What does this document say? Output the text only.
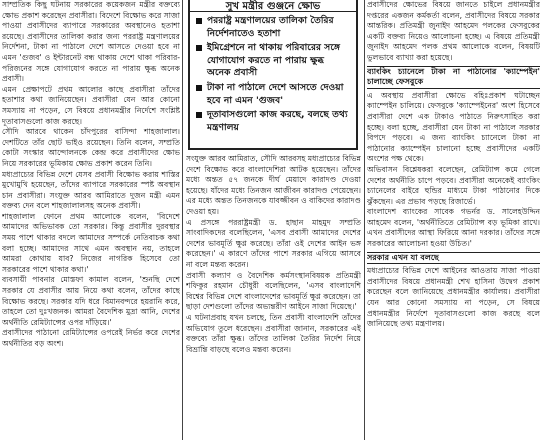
সাম্প্রতিক কিছু ঘটনায় সরকারের কয়েকজন মন্ত্রীর বক্তব্যে ক্ষোভ প্রকাশ করেছেন প্রবাসীরা। বিদেশে বিক্ষোভ করে সাজা পাওয়া প্রবাসীদের ব্যাপারে সরকারের অবস্থানেও হতাশা রয়েছে। প্রবাসীদের তালিকা করার জন্য পররাষ্ট্র মন্ত্রণালয়ের নির্দেশনা, টাকা না পাঠালে দেশে আসতে দেওয়া হবে না এমন 'গুজব' ও ইন্টারনেট বন্ধ থাকায় দেশে থাকা পরিবার-পরিজনের সঙ্গে যোগাযোগ করতে না পারায় ক্ষুব্ধ অনেক প্রবাসী।

এমন প্রেক্ষাপটে প্রথম আলোর কাছে প্রবাসীরা তাঁদের হতাশার কথা জানিয়েছেন। প্রবাসীরা যেন আর কোনো সমস্যায় না পড়েন, সে বিষয়ে প্রধানমন্ত্রীর নির্দেশে সংশ্লিষ্ট দূতাবাসগুলো কাজ করছে।

সৌদি আরবে থাকেন চাঁদপুরের বাসিন্দা শাহজালাল। দেশটিতে তাঁর ছোট ভাইও রয়েছেন। তিনি বলেন, সম্প্রতি কোটা সংস্কার আন্দোলনকে কেন্দ্র করে প্রবাসীদের ক্ষোভ নিয়ে সরকারের ভূমিকায় ক্ষোভ প্রকাশ করেন তিনি।

মধ্যপ্রাচ্যের বিভিন্ন দেশে যেসব প্রবাসী বিক্ষোভ করায় শাস্তির মুখোমুখি হয়েছেন, তাঁদের ব্যাপারে সরকারের স্পষ্ট অবস্থান চান প্রবাসীরা। সংযুক্ত আরব আমিরাতে দুজন মন্ত্রী এমন বক্তব্য দেন বলে শাহজালালসহ অনেক প্রবাসী।

শাহজালাল ফোনে প্রথম আলোকে বলেন, 'বিদেশে আমাদের অভিভাবক তো সরকার। কিন্তু প্রবাসীর দুরবস্থার সময় পাশে থাকার বদলে আমাদের সম্পর্কে নেতিবাচক কথা বলা হচ্ছে। আমাদের সাথে এমন অবস্থান নয়, তাহলে আমরা কোথায় যাব? নিজের নাগরিক হিসেবে তো সরকারের পাশে থাকার কথা।'

ব্যবসায়ী পাবনার মোস্তফা কামাল বলেন, 'শুনছি দেশে সরকার যে প্রবাসীর আয় নিয়ে কথা বলেন, তাঁদের কাছে বিক্ষোভ করছে। সরকার যদি ধরে বিমানবন্দরে হয়রানি করে, তাহলে তো দুঃখজনক। আমরা বৈদেশিক মুদ্রা আনি, দেশের অর্থনীতি রেমিট্যান্সের ওপর দাঁড়িয়ে।'

প্রবাসীদের পাঠানো রেমিট্যান্সের ওপরেই নির্ভর করে দেশের অর্থনীতির বড় অংশ।

সুখ মন্ত্রীর গুঞ্জনে ক্ষোভ
পররাষ্ট্র মন্ত্রণালয়ের তালিকা তৈরির নির্দেশনাতেও হতাশা
ইমিগ্রেশনে না থাকায় পরিবারের সঙ্গে যোগাযোগ করতে না পারায় ক্ষুব্ধ অনেক প্রবাসী
টাকা না পাঠালে দেশে আসতে দেওয়া হবে না এমন 'গুজব'
দূতাবাসগুলো কাজ করছে, বলছে তথ্য মন্ত্রণালয়

সংযুক্ত আরব আমিরাত, সৌদি আরবসহ মধ্যপ্রাচ্যের বিভিন্ন দেশে বিক্ষোভ করে বাংলাদেশিরা আটক হয়েছেন। তাঁদের মধ্যে অন্তত ৫৭ জনকে দীর্ঘ মেয়াদে কারাদণ্ড দেওয়া হয়েছে। যাঁদের মধ্যে তিনজন আজীবন কারাদণ্ড পেয়েছেন। এর মধ্যে অন্তত তিনজনকে যাবজ্জীবন ও বাকিদের কারাদণ্ড দেওয়া হয়।

এ প্রসঙ্গে পররাষ্ট্রমন্ত্রী ড. হাছান মাহমুদ সম্প্রতি সাংবাদিকদের বলেছিলেন, 'এসব প্রবাসী আমাদের দেশের দেশের ভাবমূর্তি ক্ষুণ্ণ করেছে। তাঁরা ওই দেশের আইন ভঙ্গ করেছেন।' এ কারণে তাঁদের পাশে সরকার এগিয়ে আসবে না বলে মন্তব্য করেন।

প্রবাসী কল্যাণ ও বৈদেশিক কর্মসংস্থানবিষয়ক প্রতিমন্ত্রী শফিকুর রহমান চৌধুরী বলেছিলেন, 'এসব বাংলাদেশি বিশ্বের বিভিন্ন দেশে বাংলাদেশের ভাবমূর্তি ক্ষুণ্ণ করেছেন। তা ছাড়া দেশগুলো তাঁদের অভ্যন্তরীণ আইনে সাজা দিয়েছে।'

এ ঘটনাপ্রবাহ যখন চলছে, তিন প্রবাসী বাংলাদেশি তাঁদের অভিযোগ তুলে ধরেছেন। প্রবাসীরা জানান, সরকারের এই বক্তব্যে তাঁরা ক্ষুব্ধ। তাঁদের তালিকা তৈরির নির্দেশ নিয়ে বিভ্রান্তি বাড়ছে বলেও মন্তব্য করেন।

প্রবাসীদের ক্ষোভের বিষয়ে জানতে চাইলে প্রধানমন্ত্রীর দপ্তরের একজন কর্মকর্তা বলেন, প্রবাসীদের বিষয়ে সরকার আন্তরিক। প্রতিমন্ত্রী জুনাইদ আহমেদ পলকের ফেসবুকের একটি বক্তব্য নিয়েও আলোচনা হচ্ছে। এ বিষয়ে প্রতিমন্ত্রী জুনাইদ আহমেদ পলক প্রথম আলোকে বলেন, বিষয়টি ভুলভাবে ব্যাখ্যা করা হয়েছে।

ব্যাংকিং চ্যানেলে টাকা না পাঠানোর 'ক্যাম্পেইন' চালাচ্ছে ফেসবুকে

এ অবস্থায় প্রবাসীরা ক্ষোভে বহিঃপ্রকাশ ঘটাচ্ছেন ক্যাম্পেইন চালিয়ে। ফেসবুকে 'ক্যাম্পেইনের' অংশ হিসেবে প্রবাসীরা দেশে এক টাকাও পাঠাতে নিরুৎসাহিত করা হচ্ছে। বলা হচ্ছে, প্রবাসীরা যেন টাকা না পাঠালে সরকার বিপদে পড়বে। এ জন্য ব্যাংকিং চ্যানেলে টাকা না পাঠানোর ক্যাম্পেইন চালানো হচ্ছে প্রবাসীদের একটি অংশের পক্ষ থেকে।

অভিবাসন বিশ্লেষকরা বলেছেন, রেমিট্যান্স কমে গেলে দেশের অর্থনীতি চাপে পড়বে। প্রবাসীরা অনেকেই ব্যাংকিং চ্যানেলের বাইরে হুন্ডির মাধ্যমে টাকা পাঠানোর দিকে ঝুঁকছেন। এর প্রভাব পড়ছে রিজার্ভে।

বাংলাদেশ ব্যাংকের সাবেক গভর্নর ড. সালেহউদ্দিন আহমেদ বলেন, 'অর্থনীতিতে রেমিট্যান্স বড় ভূমিকা রাখে। এখন প্রবাসীদের আস্থা ফিরিয়ে আনা দরকার। তাঁদের সঙ্গে সরকারের আলোচনা হওয়া উচিত।'

সরকার এখন যা বলছে

মধ্যপ্রাচ্যের বিভিন্ন দেশে আইনের আওতায় সাজা পাওয়া প্রবাসীদের বিষয়ে প্রধানমন্ত্রী শেখ হাসিনা উদ্বেগ প্রকাশ করেছেন বলে জানিয়েছে প্রধানমন্ত্রীর কার্যালয়। প্রবাসীরা যেন আর কোনো সমস্যায় না পড়েন, সে বিষয়ে প্রধানমন্ত্রীর নির্দেশে দূতাবাসগুলো কাজ করছে বলে জানিয়েছে তথ্য মন্ত্রণালয়।
